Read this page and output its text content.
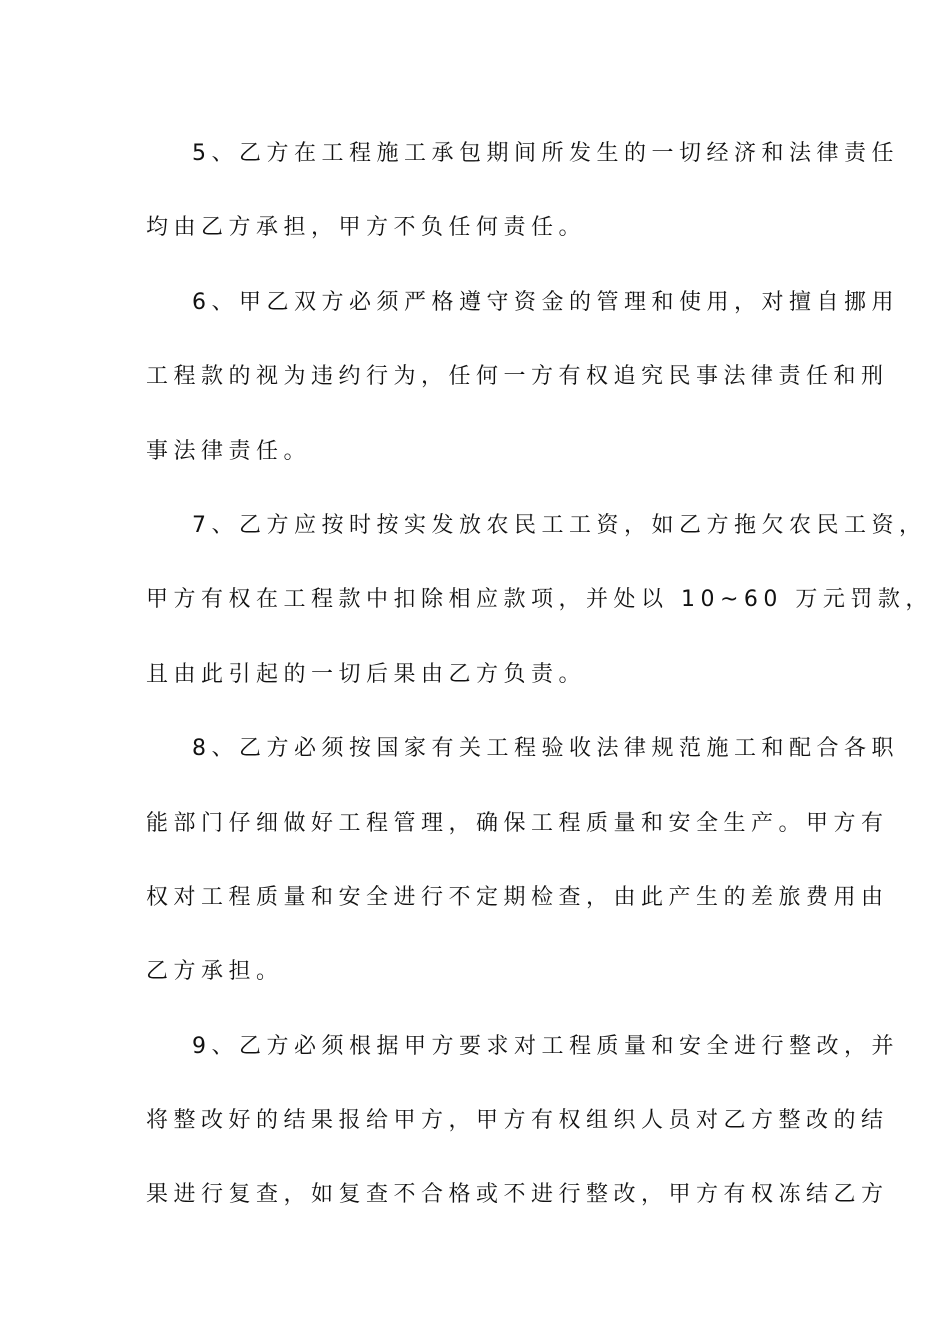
5、乙方在工程施工承包期间所发生的一切经济和法律责任
均由乙方承担，甲方不负任何责任。
6、甲乙双方必须严格遵守资金的管理和使用，对擅自挪用
工程款的视为违约行为，任何一方有权追究民事法律责任和刑
事法律责任。
7、乙方应按时按实发放农民工工资，如乙方拖欠农民工资，
甲方有权在工程款中扣除相应款项，并处以 10~60 万元罚款，
且由此引起的一切后果由乙方负责。
8、乙方必须按国家有关工程验收法律规范施工和配合各职
能部门仔细做好工程管理，确保工程质量和安全生产。甲方有
权对工程质量和安全进行不定期检查，由此产生的差旅费用由
乙方承担。
9、乙方必须根据甲方要求对工程质量和安全进行整改，并
将整改好的结果报给甲方，甲方有权组织人员对乙方整改的结
果进行复查，如复查不合格或不进行整改，甲方有权冻结乙方
